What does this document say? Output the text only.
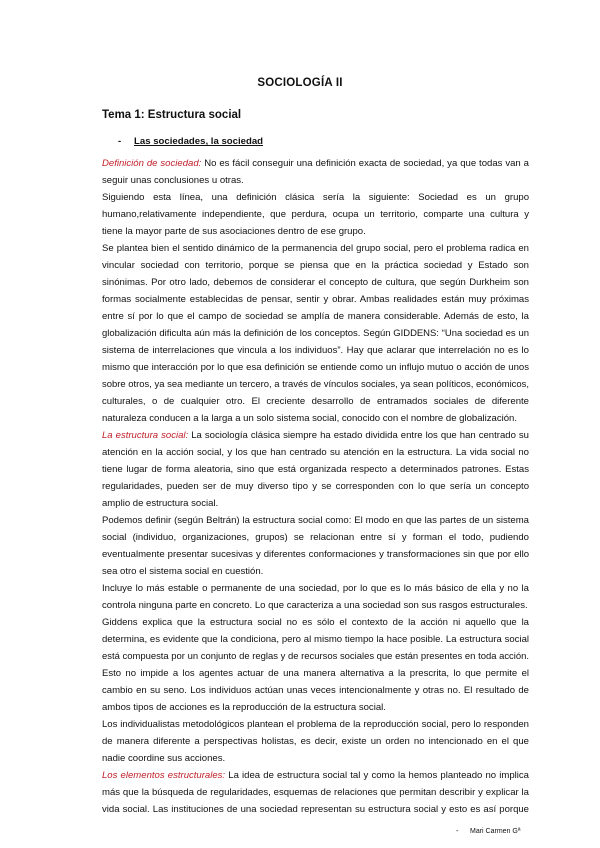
SOCIOLOGÍA II
Tema 1: Estructura social
- Las sociedades, la sociedad
Definición de sociedad: No es fácil conseguir una definición exacta de sociedad, ya que todas van a
seguir unas conclusiones u otras.
Siguiendo esta línea, una definición clásica sería la siguiente: Sociedad es un grupo
humano,relativamente independiente, que perdura, ocupa un territorio, comparte una cultura y
tiene la mayor parte de sus asociaciones dentro de ese grupo.
Se plantea bien el sentido dinámico de la permanencia del grupo social, pero el problema radica en
vincular sociedad con territorio, porque se piensa que en la práctica sociedad y Estado son
sinónimas. Por otro lado, debemos de considerar el concepto de cultura, que según Durkheim son
formas socialmente establecidas de pensar, sentir y obrar. Ambas realidades están muy próximas
entre sí por lo que el campo de sociedad se amplía de manera considerable. Además de esto, la
globalización dificulta aún más la definición de los conceptos. Según GIDDENS: “Una sociedad es un
sistema de interrelaciones que vincula a los individuos”. Hay que aclarar que interrelación no es lo
mismo que interacción por lo que esa definición se entiende como un influjo mutuo o acción de unos
sobre otros, ya sea mediante un tercero, a través de vínculos sociales, ya sean políticos, económicos,
culturales, o de cualquier otro. El creciente desarrollo de entramados sociales de diferente
naturaleza conducen a la larga a un solo sistema social, conocido con el nombre de globalización.
La estructura social: La sociología clásica siempre ha estado dividida entre los que han centrado su
atención en la acción social, y los que han centrado su atención en la estructura. La vida social no
tiene lugar de forma aleatoria, sino que está organizada respecto a determinados patrones. Estas
regularidades, pueden ser de muy diverso tipo y se corresponden con lo que sería un concepto
amplio de estructura social.
Podemos definir (según Beltrán) la estructura social como: El modo en que las partes de un sistema
social (individuo, organizaciones, grupos) se relacionan entre sí y forman el todo, pudiendo
eventualmente presentar sucesivas y diferentes conformaciones y transformaciones sin que por ello
sea otro el sistema social en cuestión.
Incluye lo más estable o permanente de una sociedad, por lo que es lo más básico de ella y no la
controla ninguna parte en concreto. Lo que caracteriza a una sociedad son sus rasgos estructurales.
Giddens explica que la estructura social no es sólo el contexto de la acción ni aquello que la
determina, es evidente que la condiciona, pero al mismo tiempo la hace posible. La estructura social
está compuesta por un conjunto de reglas y de recursos sociales que están presentes en toda acción.
Esto no impide a los agentes actuar de una manera alternativa a la prescrita, lo que permite el
cambio en su seno. Los individuos actúan unas veces intencionalmente y otras no. El resultado de
ambos tipos de acciones es la reproducción de la estructura social.
Los individualistas metodológicos plantean el problema de la reproducción social, pero lo responden
de manera diferente a perspectivas holistas, es decir, existe un orden no intencionado en el que
nadie coordine sus acciones.
Los elementos estructurales: La idea de estructura social tal y como la hemos planteado no implica
más que la búsqueda de regularidades, esquemas de relaciones que permitan describir y explicar la
vida social. Las instituciones de una sociedad representan su estructura social y esto es así porque
- Mari Carmen Gª
